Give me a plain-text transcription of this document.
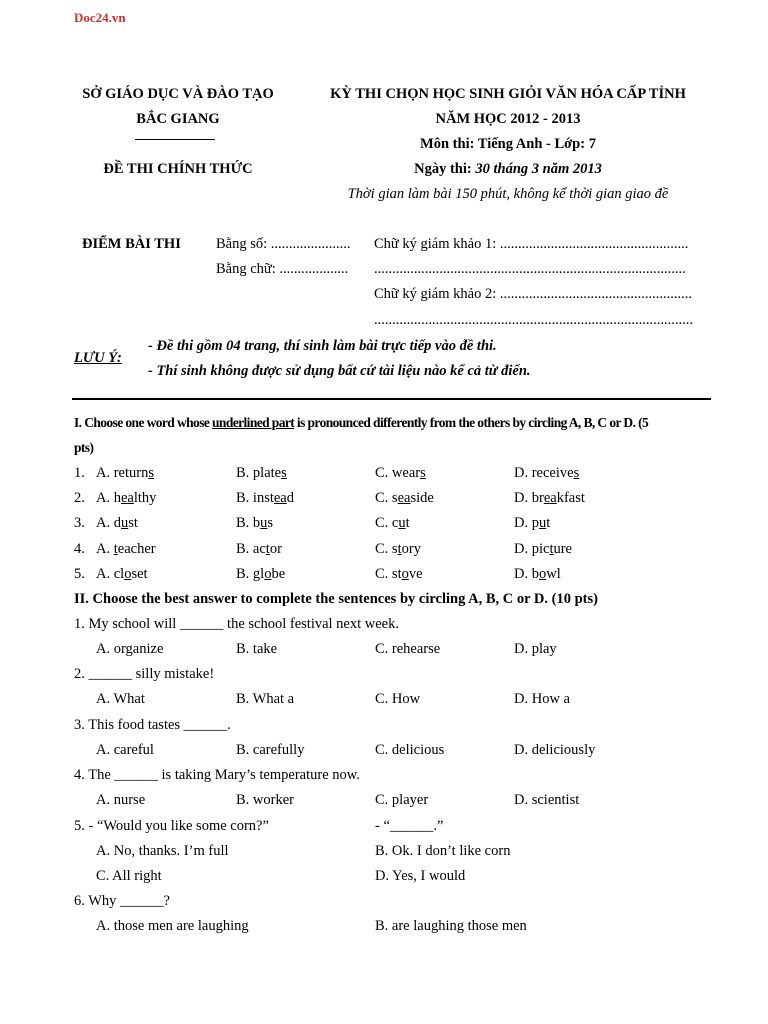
Doc24.vn
SỞ GIÁO DỤC VÀ ĐÀO TẠO
BẮC GIANG
ĐỀ THI CHÍNH THỨC
KỲ THI CHỌN HỌC SINH GIỎI VĂN HÓA CẤP TỈNH
NĂM HỌC 2012 - 2013
Môn thi: Tiếng Anh - Lớp: 7
Ngày thi: 30 tháng 3 năm 2013
Thời gian làm bài 150 phút, không kể thời gian giao đề
ĐIỂM BÀI THI Bằng số: ......................
Bằng chữ: ...................
Chữ ký giám khảo 1: ....................................................
......................................................................................
Chữ ký giám khảo 2: .....................................................
........................................................................................
LƯU Ý:
- Đề thi gồm 04 trang, thí sinh làm bài trực tiếp vào đề thi.
- Thí sinh không được sử dụng bất cứ tài liệu nào kể cả từ điển.
I. Choose one word whose underlined part is pronounced differently from the others by circling A, B, C or D. (5
pts)
1. A. returns	B. plates	C. wears	D. receives
2. A. healthy	B. instead	C. seaside	D. breakfast
3. A. dust	B. bus	C. cut	D. put
4. A. teacher	B. actor	C. story	D. picture
5. A. closet	B. globe	C. stove	D. bowl
II. Choose the best answer to complete the sentences by circling A, B, C or D. (10 pts)
1. My school will ______ the school festival next week.
A. organize	B. take	C. rehearse	D. play
2. ______ silly mistake!
A. What	B. What a	C. How	D. How a
3. This food tastes ______.
A. careful	B. carefully	C. delicious	D. deliciously
4. The ______ is taking Mary’s temperature now.
A. nurse	B. worker	C. player	D. scientist
5. - “Would you like some corn?”	- “______.”
A. No, thanks. I’m full	B. Ok. I don’t like corn
C. All right	D. Yes, I would
6. Why ______?
A. those men are laughing	B. are laughing those men
